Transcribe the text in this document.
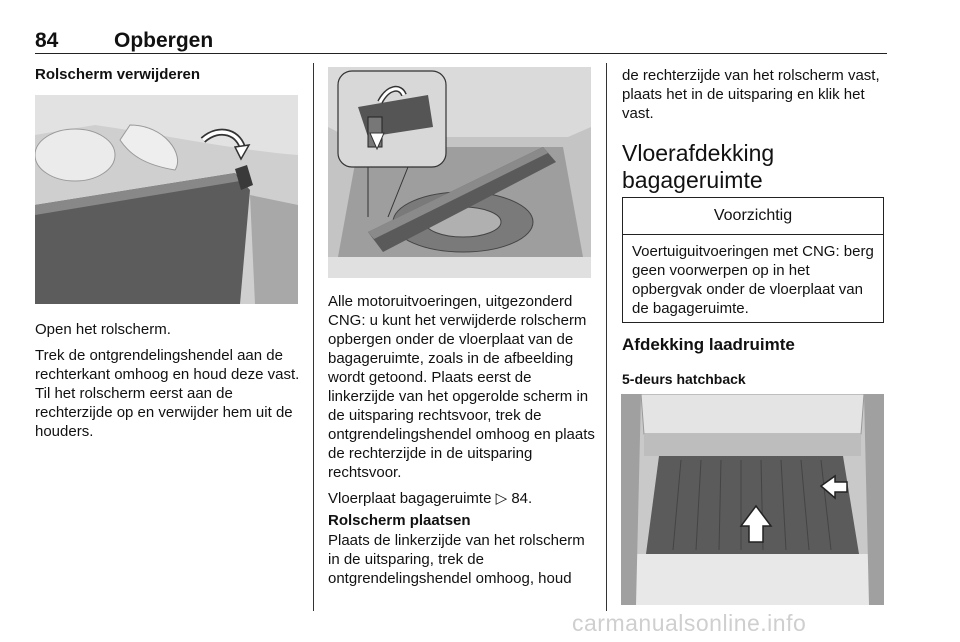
84	Opbergen
Rolscherm verwijderen

Open het rolscherm.

Trek de ontgrendelingshendel aan de rechterkant omhoog en houd deze vast. Til het rolscherm eerst aan de rechterzijde op en verwijder hem uit de houders.

Alle motoruitvoeringen, uitgezonderd CNG: u kunt het verwijderde rolscherm opbergen onder de vloerplaat van de bagageruimte, zoals in de afbeelding wordt getoond. Plaats eerst de linkerzijde van het opgerolde scherm in de uitsparing rechtsvoor, trek de ontgrendelingshendel omhoog en plaats de rechterzijde in de uitsparing rechtsvoor.

Vloerplaat bagageruimte ▷ 84.

Rolscherm plaatsen

Plaats de linkerzijde van het rolscherm in de uitsparing, trek de ontgrendelingshendel omhoog, houd

de rechterzijde van het rolscherm vast, plaats het in de uitsparing en klik het vast.

Vloerafdekking bagageruimte
Voorzichtig
Voertuiguitvoeringen met CNG: berg geen voorwerpen op in het opbergvak onder de vloerplaat van de bagageruimte.
Afdekking laadruimte
5-deurs hatchback
carmanualsonline.info
